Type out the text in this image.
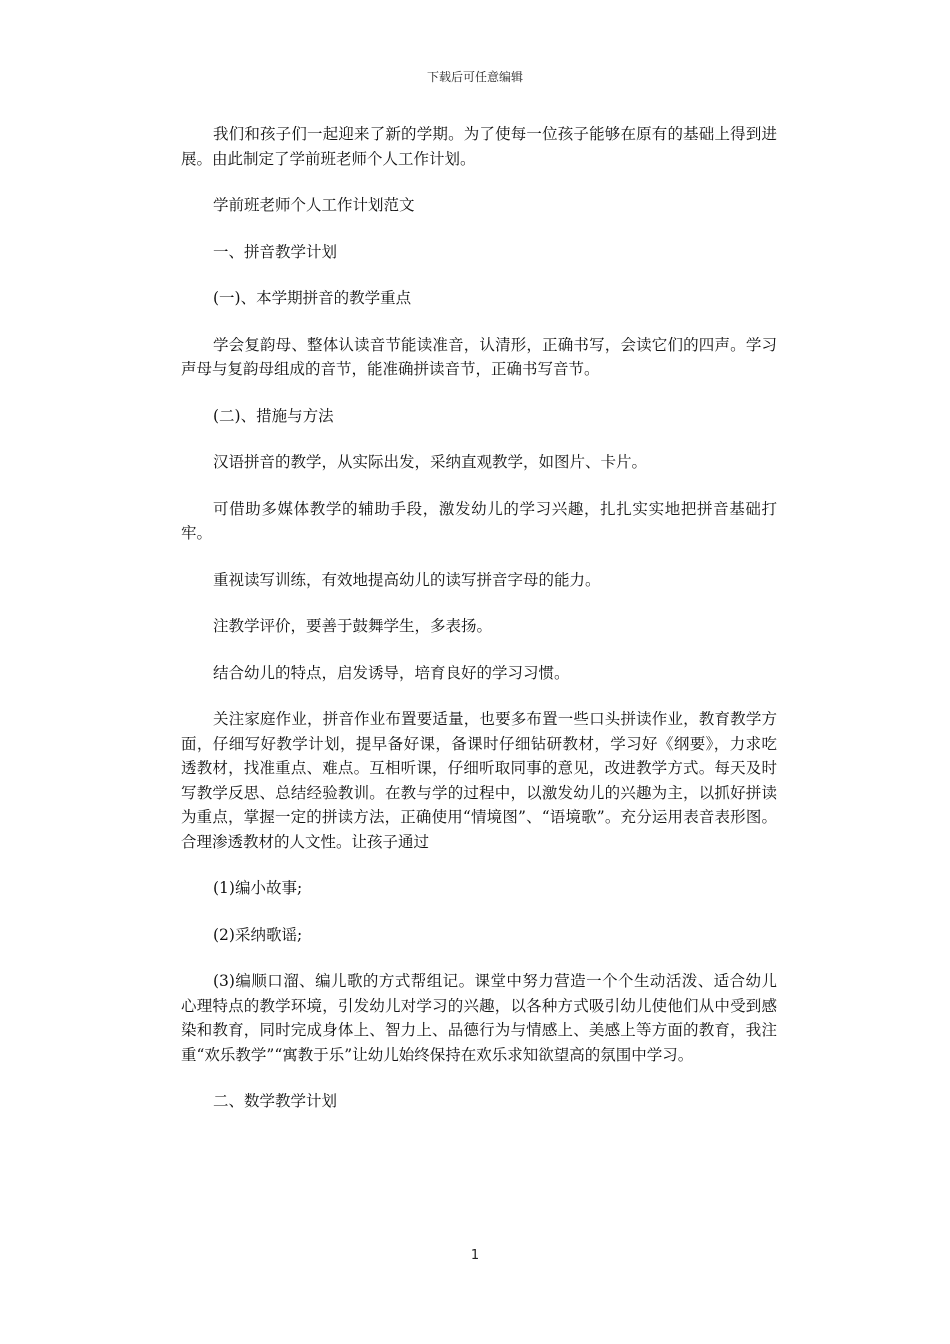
下载后可任意编辑

我们和孩子们一起迎来了新的学期。为了使每一位孩子能够在原有的基础上得到进展。由此制定了学前班老师个人工作计划。

学前班老师个人工作计划范文

一、拼音教学计划

(一)、本学期拼音的教学重点

学会复韵母、整体认读音节能读准音，认清形，正确书写，会读它们的四声。学习声母与复韵母组成的音节，能准确拼读音节，正确书写音节。

(二)、措施与方法

汉语拼音的教学，从实际出发，采纳直观教学，如图片、卡片。

可借助多媒体教学的辅助手段，激发幼儿的学习兴趣，扎扎实实地把拼音基础打牢。

重视读写训练，有效地提高幼儿的读写拼音字母的能力。

注教学评价，要善于鼓舞学生，多表扬。

结合幼儿的特点，启发诱导，培育良好的学习习惯。

关注家庭作业，拼音作业布置要适量，也要多布置一些口头拼读作业，教育教学方面，仔细写好教学计划，提早备好课，备课时仔细钻研教材，学习好《纲要》，力求吃透教材，找准重点、难点。互相听课，仔细听取同事的意见，改进教学方式。每天及时写教学反思、总结经验教训。在教与学的过程中，以激发幼儿的兴趣为主，以抓好拼读为重点，掌握一定的拼读方法，正确使用“情境图”、“语境歌”。充分运用表音表形图。合理渗透教材的人文性。让孩子通过

(1)编小故事;

(2)采纳歌谣;

(3)编顺口溜、编儿歌的方式帮组记。课堂中努力营造一个个生动活泼、适合幼儿心理特点的教学环境，引发幼儿对学习的兴趣，以各种方式吸引幼儿使他们从中受到感染和教育，同时完成身体上、智力上、品德行为与情感上、美感上等方面的教育，我注重“欢乐教学”“寓教于乐”让幼儿始终保持在欢乐求知欲望高的氛围中学习。

二、数学教学计划

1
